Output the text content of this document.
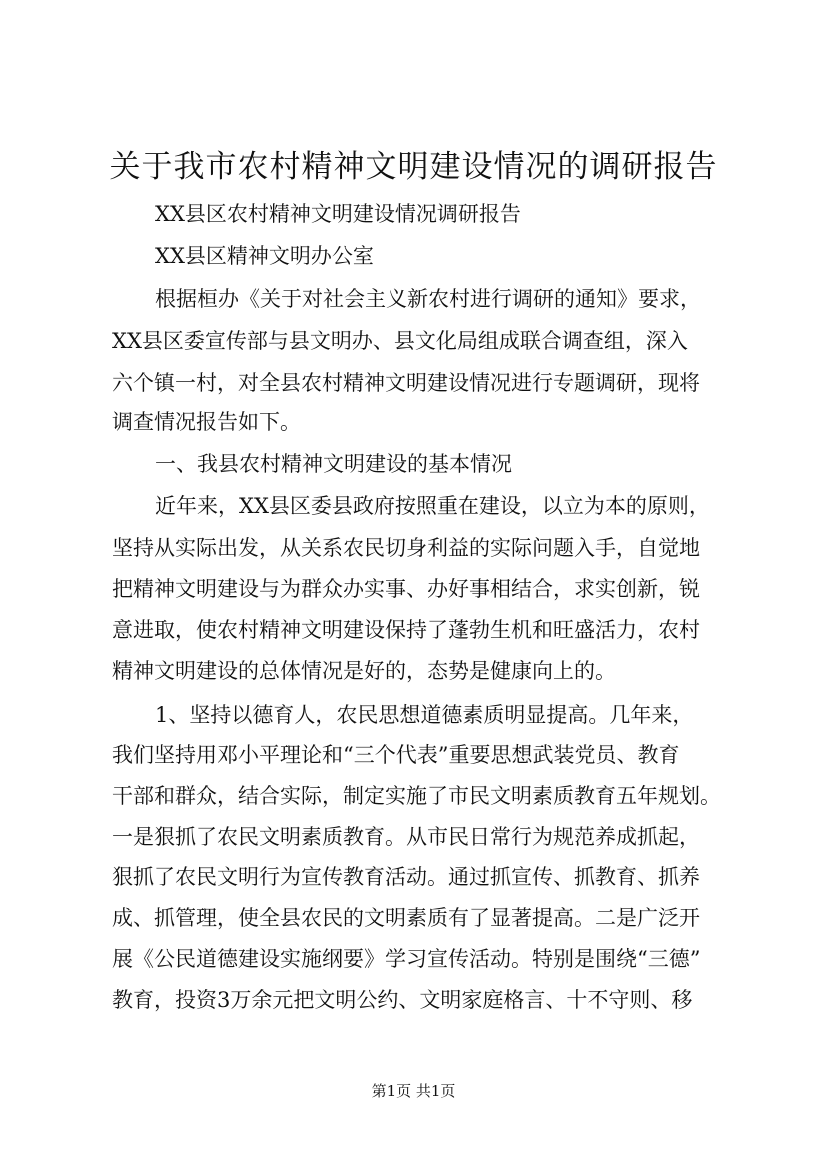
关于我市农村精神文明建设情况的调研报告
XX县区农村精神文明建设情况调研报告
XX县区精神文明办公室
根据桓办《关于对社会主义新农村进行调研的通知》要求，
XX县区委宣传部与县文明办、县文化局组成联合调查组，深入
六个镇一村，对全县农村精神文明建设情况进行专题调研，现将
调查情况报告如下。
一、我县农村精神文明建设的基本情况
近年来，XX县区委县政府按照重在建设，以立为本的原则，
坚持从实际出发，从关系农民切身利益的实际问题入手，自觉地
把精神文明建设与为群众办实事、办好事相结合，求实创新，锐
意进取，使农村精神文明建设保持了蓬勃生机和旺盛活力，农村
精神文明建设的总体情况是好的，态势是健康向上的。
1、坚持以德育人，农民思想道德素质明显提高。几年来，
我们坚持用邓小平理论和“三个代表”重要思想武装党员、教育
干部和群众，结合实际，制定实施了市民文明素质教育五年规划。
一是狠抓了农民文明素质教育。从市民日常行为规范养成抓起，
狠抓了农民文明行为宣传教育活动。通过抓宣传、抓教育、抓养
成、抓管理，使全县农民的文明素质有了显著提高。二是广泛开
展《公民道德建设实施纲要》学习宣传活动。特别是围绕“三德”
教育，投资3万余元把文明公约、文明家庭格言、十不守则、移
第1页 共1页
